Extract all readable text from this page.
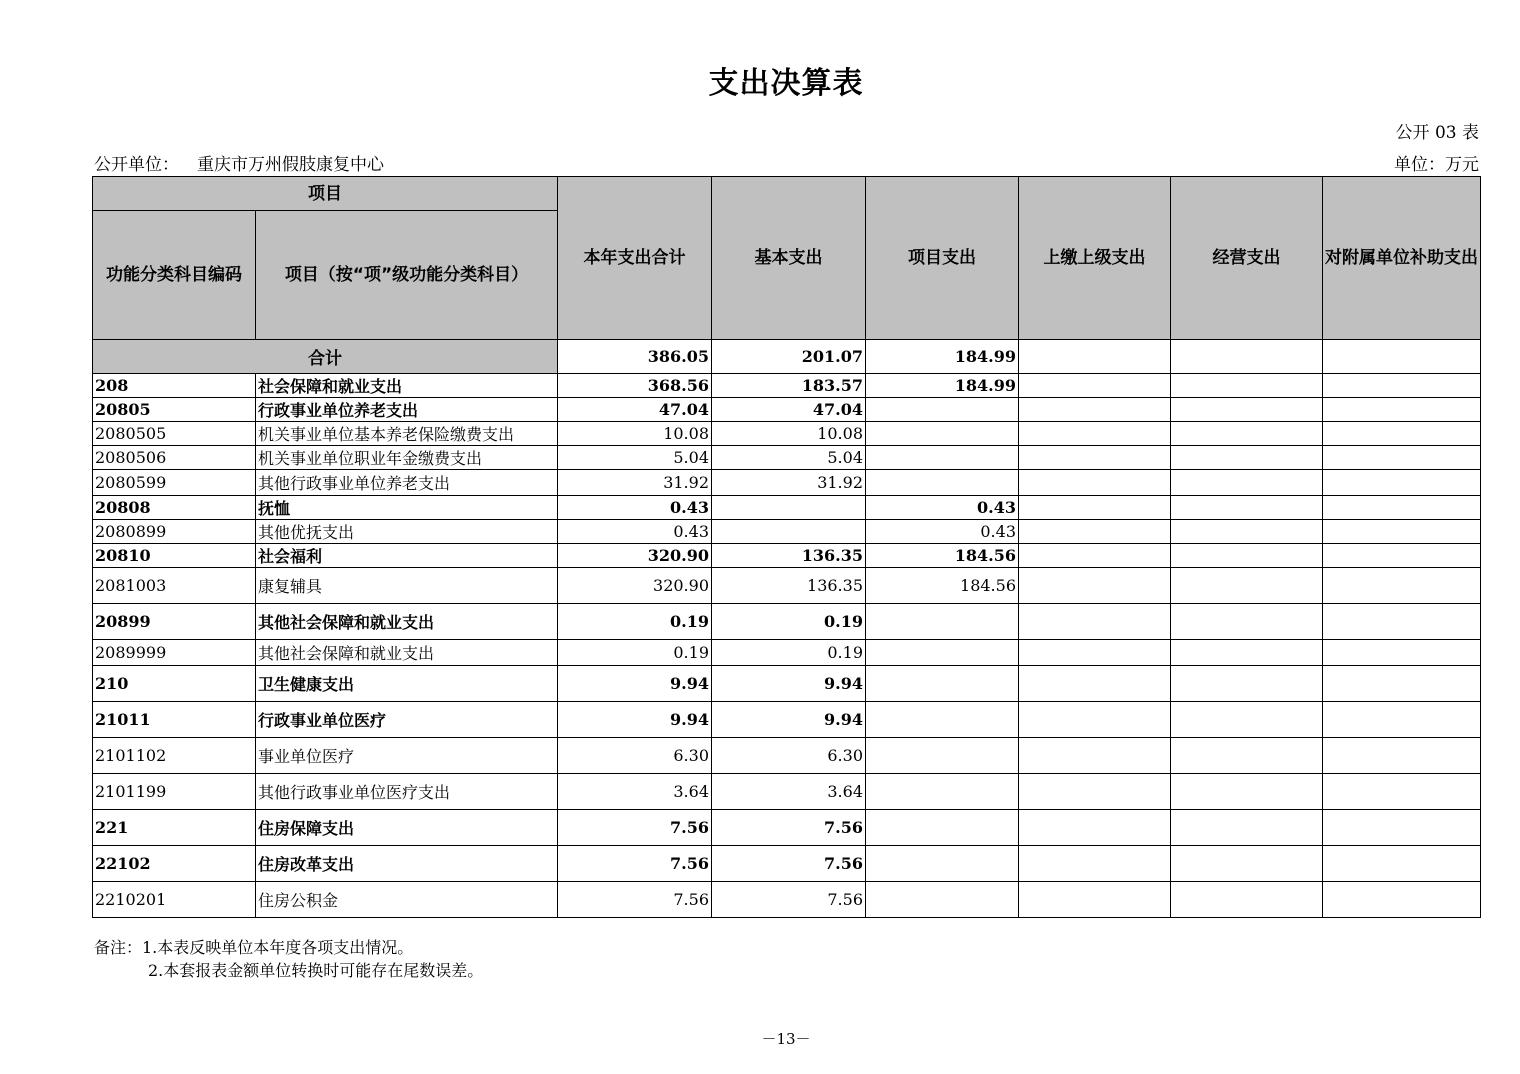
支出决算表
公开 03 表
公开单位： 重庆市万州假肢康复中心	单位：万元
项目		本年支出合计	基本支出	项目支出	上缴上级支出	经营支出	对附属单位补助支出
功能分类科目编码	项目（按“项”级功能分类科目）						
合计		386.05	201.07	184.99			
208	社会保障和就业支出	368.56	183.57	184.99			
20805	行政事业单位养老支出	47.04	47.04				
2080505	机关事业单位基本养老保险缴费支出	10.08	10.08				
2080506	机关事业单位职业年金缴费支出	5.04	5.04				
2080599	其他行政事业单位养老支出	31.92	31.92				
20808	抚恤	0.43		0.43			
2080899	其他优抚支出	0.43		0.43			
20810	社会福利	320.90	136.35	184.56			
2081003	康复辅具	320.90	136.35	184.56			
20899	其他社会保障和就业支出	0.19	0.19				
2089999	其他社会保障和就业支出	0.19	0.19				
210	卫生健康支出	9.94	9.94				
21011	行政事业单位医疗	9.94	9.94				
2101102	事业单位医疗	6.30	6.30				
2101199	其他行政事业单位医疗支出	3.64	3.64				
221	住房保障支出	7.56	7.56				
22102	住房改革支出	7.56	7.56				
2210201	住房公积金	7.56	7.56				
备注：1.本表反映单位本年度各项支出情况。
2.本套报表金额单位转换时可能存在尾数误差。
－13－
